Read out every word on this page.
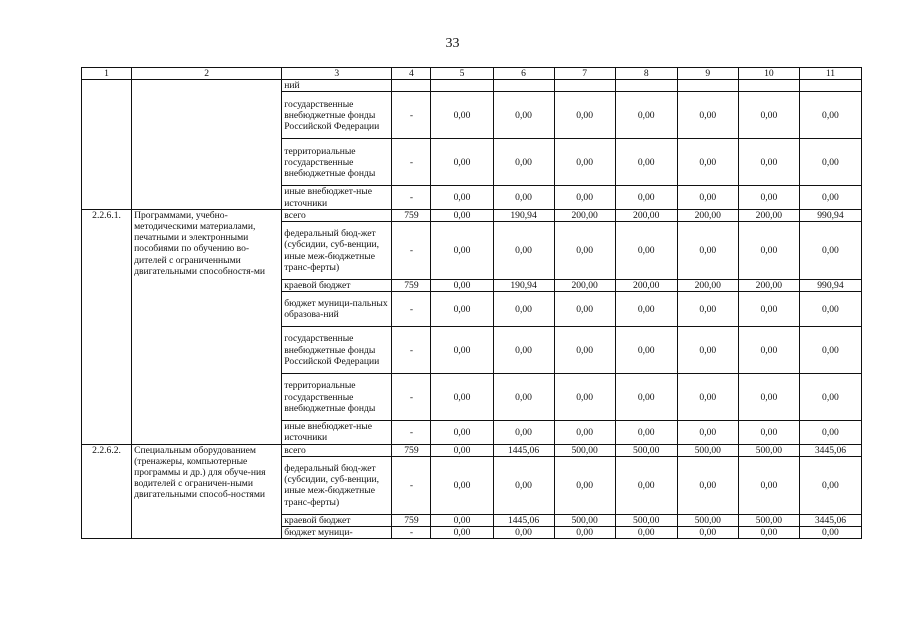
33
1	2	3	4	5	6	7	8	9	10	11
		ний								
		государственные внебюджетные фонды Российской Федерации	-	0,00	0,00	0,00	0,00	0,00	0,00	0,00
		территориальные государственные внебюджетные фонды	-	0,00	0,00	0,00	0,00	0,00	0,00	0,00
		иные внебюджет-ные источники	-	0,00	0,00	0,00	0,00	0,00	0,00	0,00
2.2.6.1.	Программами, учебно-методическими материалами, печатными и электронными пособиями по обучению во-дителей с ограниченными двигательными способностя-ми	всего	759	0,00	190,94	200,00	200,00	200,00	200,00	990,94
		федеральный бюд-жет (субсидии, суб-венции, иные меж-бюджетные транс-ферты)	-	0,00	0,00	0,00	0,00	0,00	0,00	0,00
		краевой бюджет	759	0,00	190,94	200,00	200,00	200,00	200,00	990,94
		бюджет муници-пальных образова-ний	-	0,00	0,00	0,00	0,00	0,00	0,00	0,00
		государственные внебюджетные фонды Российской Федерации	-	0,00	0,00	0,00	0,00	0,00	0,00	0,00
		территориальные государственные внебюджетные фонды	-	0,00	0,00	0,00	0,00	0,00	0,00	0,00
		иные внебюджет-ные источники	-	0,00	0,00	0,00	0,00	0,00	0,00	0,00
2.2.6.2.	Специальным оборудованием (тренажеры, компьютерные программы и др.) для обуче-ния водителей с ограничен-ными двигательными способ-ностями	всего	759	0,00	1445,06	500,00	500,00	500,00	500,00	3445,06
		федеральный бюд-жет (субсидии, суб-венции, иные меж-бюджетные транс-ферты)	-	0,00	0,00	0,00	0,00	0,00	0,00	0,00
		краевой бюджет	759	0,00	1445,06	500,00	500,00	500,00	500,00	3445,06
		бюджет муници-	-	0,00	0,00	0,00	0,00	0,00	0,00	0,00
